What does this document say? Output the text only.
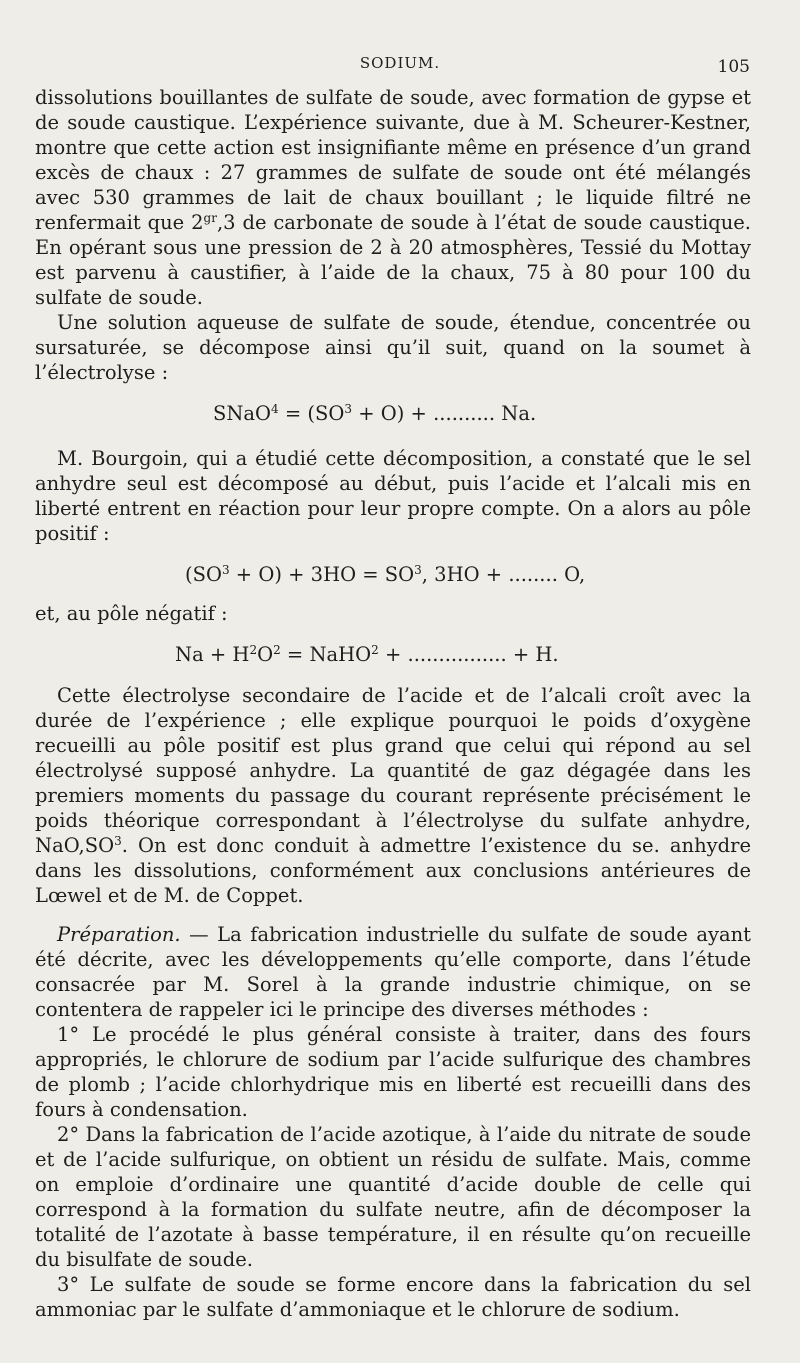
SODIUM.	105

dissolutions bouillantes de sulfate de soude, avec formation de gypse et de soude caustique. L’expérience suivante, due à M. Scheurer-Kestner, montre que cette action est insignifiante même en présence d’un grand excès de chaux : 27 grammes de sulfate de soude ont été mélangés avec 530 grammes de lait de chaux bouillant ; le liquide filtré ne renfermait que $2^{gr},3$ de carbonate de soude à l’état de soude caustique. En opérant sous une pression de 2 à 20 atmosphères, Tessié du Mottay est parvenu à caustifier, à l’aide de la chaux, 75 à 80 pour 100 du sulfate de soude.

Une solution aqueuse de sulfate de soude, étendue, concentrée ou sursaturée, se décompose ainsi qu’il suit, quand on la soumet à l’électrolyse :

SNaO$^4$ = $(SO^3 + O)$ + .......... Na.

M. Bourgoin, qui a étudié cette décomposition, a constaté que le sel anhydre seul est décomposé au début, puis l’acide et l’alcali mis en liberté entrent en réaction pour leur propre compte. On a alors au pôle positif :

$(SO^3 + O) + 3HO = SO^3$, 3HO + ........ O,

et, au pôle négatif :

$Na + H^2O^2$ = NaHO$^2$ + ................ + H.

Cette électrolyse secondaire de l’acide et de l’alcali croît avec la durée de l’expérience ; elle explique pourquoi le poids d’oxygène recueilli au pôle positif est plus grand que celui qui répond au sel électrolysé supposé anhydre. La quantité de gaz dégagée dans les premiers moments du passage du courant représente précisément le poids théorique correspondant à l’électrolyse du sulfate anhydre, $NaO,SO^3$. On est donc conduit à admettre l’existence du se. anhydre dans les dissolutions, conformément aux conclusions antérieures de Lœwel et de M. de Coppet.

Préparation. — La fabrication industrielle du sulfate de soude ayant été décrite, avec les développements qu’elle comporte, dans l’étude consacrée par M. Sorel à la grande industrie chimique, on se contentera de rappeler ici le principe des diverses méthodes :

1° Le procédé le plus général consiste à traiter, dans des fours appropriés, le chlorure de sodium par l’acide sulfurique des chambres de plomb ; l’acide chlorhydrique mis en liberté est recueilli dans des fours à condensation.

2° Dans la fabrication de l’acide azotique, à l’aide du nitrate de soude et de l’acide sulfurique, on obtient un résidu de sulfate. Mais, comme on emploie d’ordinaire une quantité d’acide double de celle qui correspond à la formation du sulfate neutre, afin de décomposer la totalité de l’azotate à basse température, il en résulte qu’on recueille du bisulfate de soude.

3° Le sulfate de soude se forme encore dans la fabrication du sel ammoniac par le sulfate d’ammoniaque et le chlorure de sodium.
